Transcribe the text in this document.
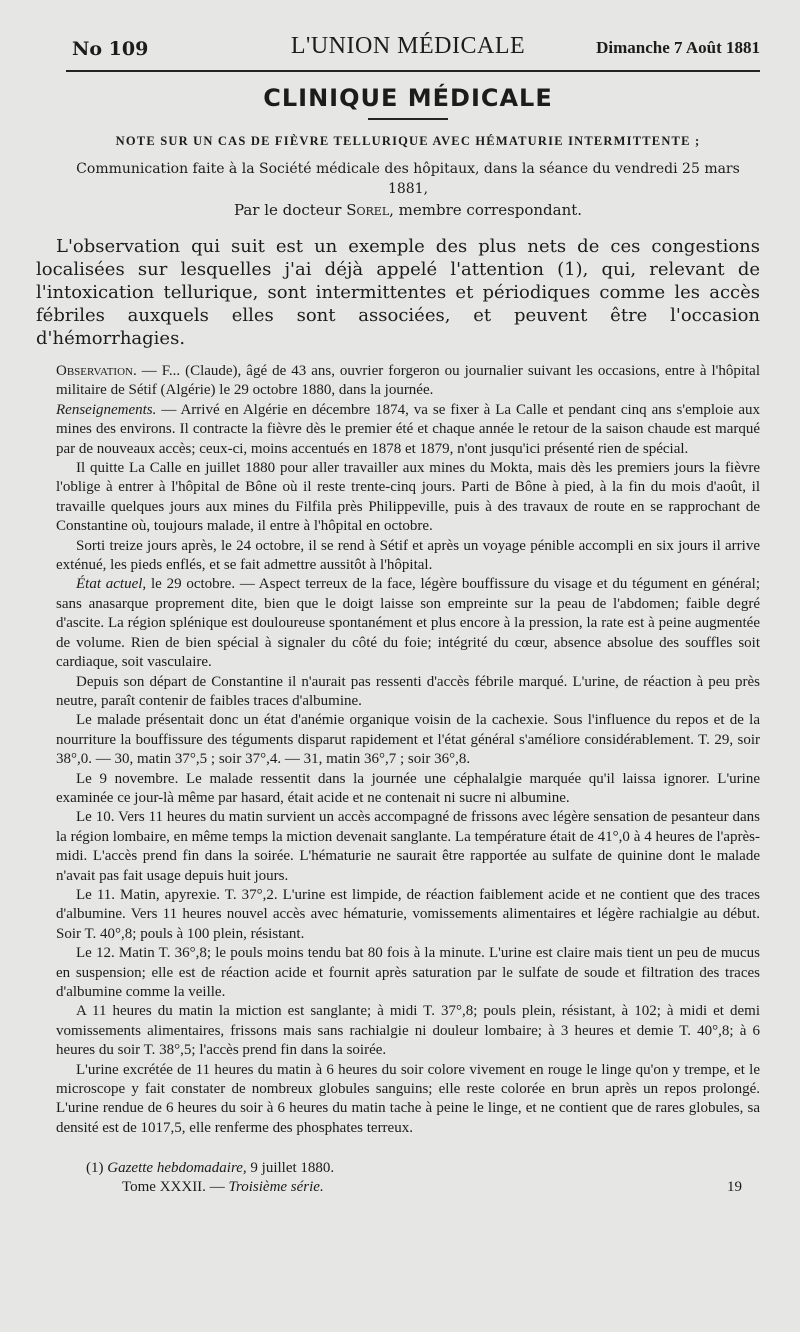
No 109	L'UNION MÉDICALE	Dimanche 7 Août 1881
CLINIQUE MÉDICALE
NOTE SUR UN CAS DE FIÈVRE TELLURIQUE AVEC HÉMATURIE INTERMITTENTE ;

Communication faite à la Société médicale des hôpitaux, dans la séance du vendredi 25 mars 1881,

Par le docteur Sorel, membre correspondant.

L'observation qui suit est un exemple des plus nets de ces congestions localisées sur lesquelles j'ai déjà appelé l'attention (1), qui, relevant de l'intoxication tellurique, sont intermittentes et périodiques comme les accès fébriles auxquels elles sont associées, et peuvent être l'occasion d'hémorrhagies.

Observation. — F... (Claude), âgé de 43 ans, ouvrier forgeron ou journalier suivant les occasions, entre à l'hôpital militaire de Sétif (Algérie) le 29 octobre 1880, dans la journée.

Renseignements. — Arrivé en Algérie en décembre 1874, va se fixer à La Calle et pendant cinq ans s'emploie aux mines des environs. Il contracte la fièvre dès le premier été et chaque année le retour de la saison chaude est marqué par de nouveaux accès; ceux-ci, moins accentués en 1878 et 1879, n'ont jusqu'ici présenté rien de spécial.

Il quitte La Calle en juillet 1880 pour aller travailler aux mines du Mokta, mais dès les premiers jours la fièvre l'oblige à entrer à l'hôpital de Bône où il reste trente-cinq jours. Parti de Bône à pied, à la fin du mois d'août, il travaille quelques jours aux mines du Filfila près Philippeville, puis à des travaux de route en se rapprochant de Constantine où, toujours malade, il entre à l'hôpital en octobre.

Sorti treize jours après, le 24 octobre, il se rend à Sétif et après un voyage pénible accompli en six jours il arrive exténué, les pieds enflés, et se fait admettre aussitôt à l'hôpital.

État actuel, le 29 octobre. — Aspect terreux de la face, légère bouffissure du visage et du tégument en général; sans anasarque proprement dite, bien que le doigt laisse son empreinte sur la peau de l'abdomen; faible degré d'ascite. La région splénique est douloureuse spontanément et plus encore à la pression, la rate est à peine augmentée de volume. Rien de bien spécial à signaler du côté du foie; intégrité du cœur, absence absolue des souffles soit cardiaque, soit vasculaire.

Depuis son départ de Constantine il n'aurait pas ressenti d'accès fébrile marqué. L'urine, de réaction à peu près neutre, paraît contenir de faibles traces d'albumine.

Le malade présentait donc un état d'anémie organique voisin de la cachexie. Sous l'influence du repos et de la nourriture la bouffissure des téguments disparut rapidement et l'état général s'améliore considérablement. T. 29, soir 38°,0. — 30, matin 37°,5 ; soir 37°,4. — 31, matin 36°,7 ; soir 36°,8.

Le 9 novembre. Le malade ressentit dans la journée une céphalalgie marquée qu'il laissa ignorer. L'urine examinée ce jour-là même par hasard, était acide et ne contenait ni sucre ni albumine.

Le 10. Vers 11 heures du matin survient un accès accompagné de frissons avec légère sensation de pesanteur dans la région lombaire, en même temps la miction devenait sanglante. La température était de 41°,0 à 4 heures de l'après-midi. L'accès prend fin dans la soirée. L'hématurie ne saurait être rapportée au sulfate de quinine dont le malade n'avait pas fait usage depuis huit jours.

Le 11. Matin, apyrexie. T. 37°,2. L'urine est limpide, de réaction faiblement acide et ne contient que des traces d'albumine. Vers 11 heures nouvel accès avec hématurie, vomissements alimentaires et légère rachialgie au début. Soir T. 40°,8; pouls à 100 plein, résistant.

Le 12. Matin T. 36°,8; le pouls moins tendu bat 80 fois à la minute. L'urine est claire mais tient un peu de mucus en suspension; elle est de réaction acide et fournit après saturation par le sulfate de soude et filtration des traces d'albumine comme la veille.

A 11 heures du matin la miction est sanglante; à midi T. 37°,8; pouls plein, résistant, à 102; à midi et demi vomissements alimentaires, frissons mais sans rachialgie ni douleur lombaire; à 3 heures et demie T. 40°,8; à 6 heures du soir T. 38°,5; l'accès prend fin dans la soirée.

L'urine excrétée de 11 heures du matin à 6 heures du soir colore vivement en rouge le linge qu'on y trempe, et le microscope y fait constater de nombreux globules sanguins; elle reste colorée en brun après un repos prolongé. L'urine rendue de 6 heures du soir à 6 heures du matin tache à peine le linge, et ne contient que de rares globules, sa densité est de 1017,5, elle renferme des phosphates terreux.

(1) Gazette hebdomadaire, 9 juillet 1880.
Tome XXXII. — Troisième série.	19
